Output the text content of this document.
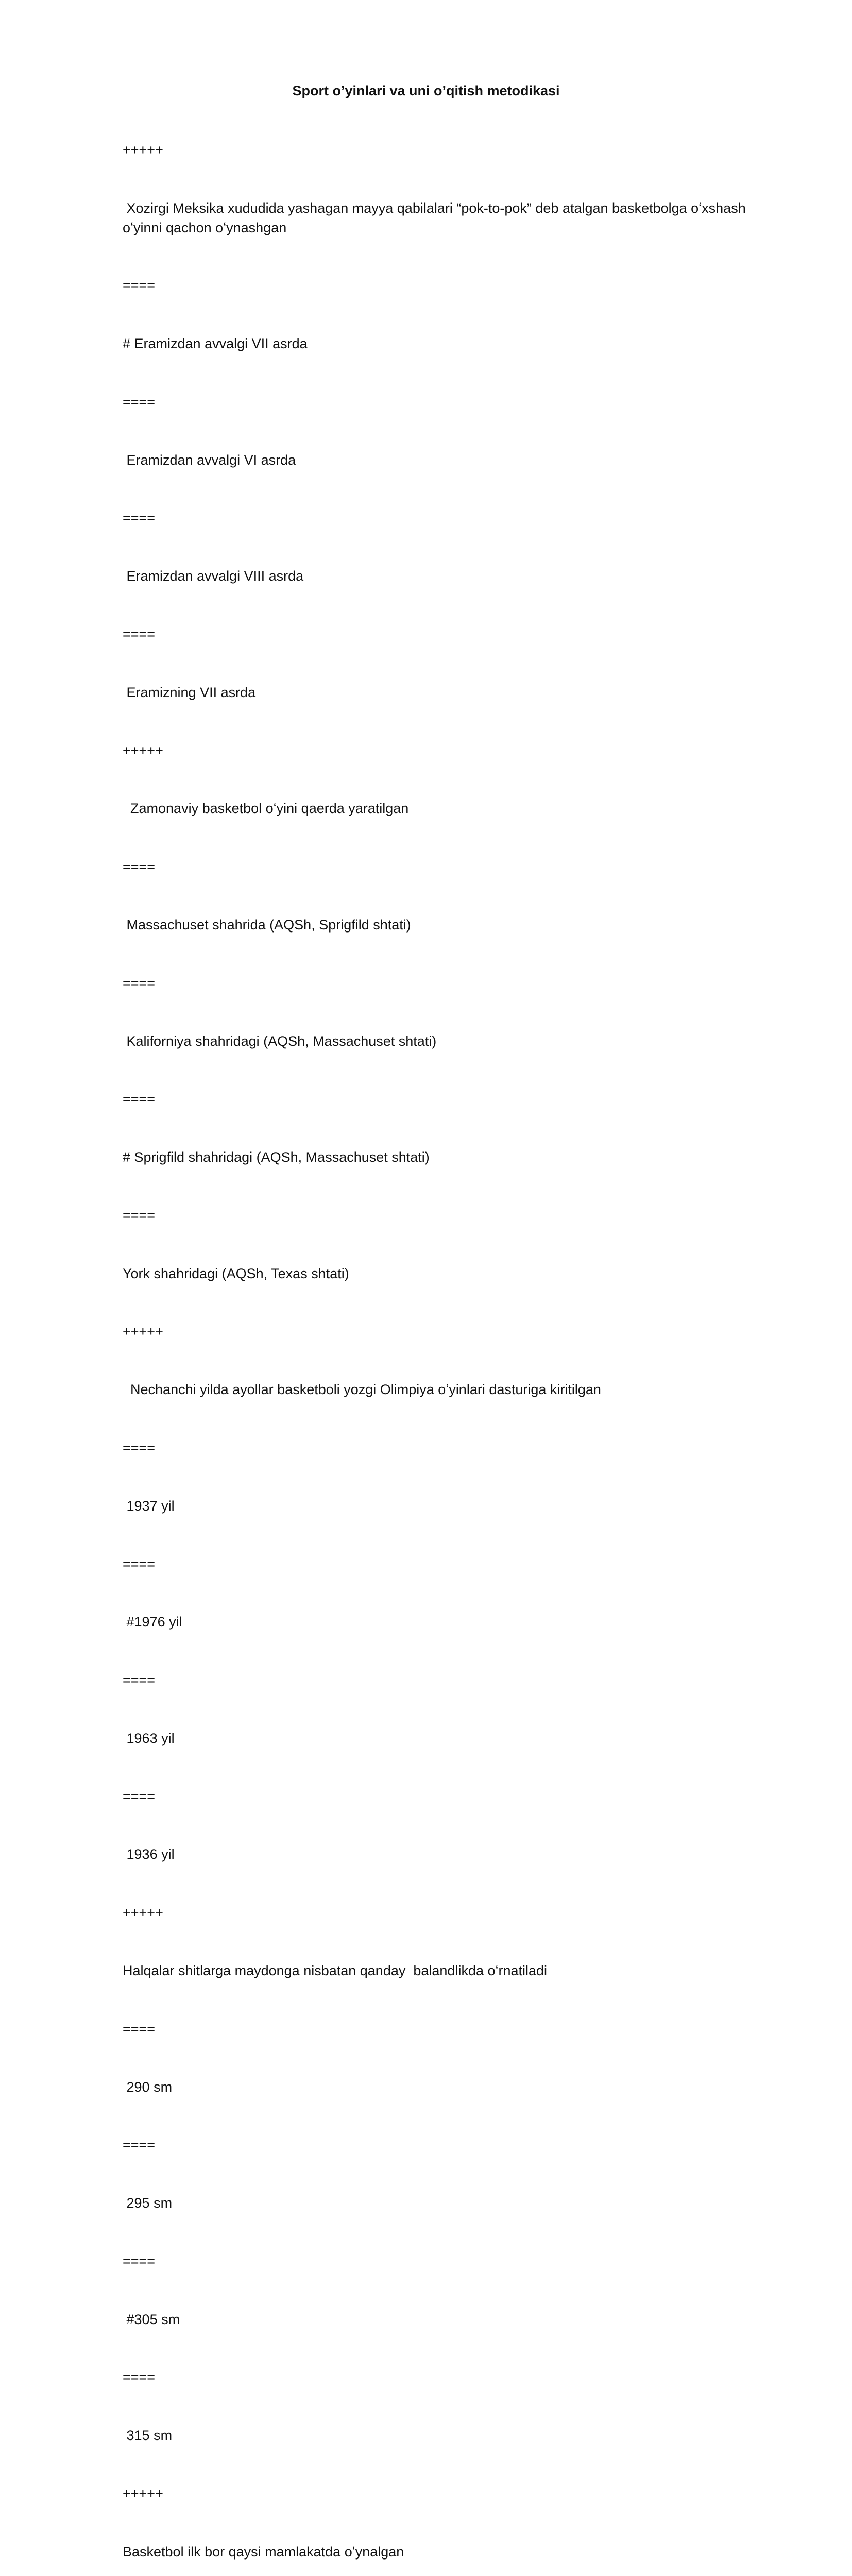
Sport o’yinlari va uni o’qitish metodikasi

+++++

Xozirgi Meksika xududida yashagan mayya qabilalari “pok-to-pok” deb atalgan basketbolga oʻxshash oʻyinni qachon oʻynashgan

====

# Eramizdan avvalgi VII asrda

====

Eramizdan avvalgi VI asrda

====

Eramizdan avvalgi VIII asrda

====

Eramizning VII asrda

+++++

Zamonaviy basketbol oʻyini qaerda yaratilgan

====

Massachuset shahrida (AQSh, Sprigfild shtati)

====

Kaliforniya shahridagi (AQSh, Massachuset shtati)

====

# Sprigfild shahridagi (AQSh, Massachuset shtati)

====

York shahridagi (AQSh, Texas shtati)

+++++

Nechanchi yilda ayollar basketboli yozgi Olimpiya oʻyinlari dasturiga kiritilgan

====

1937 yil

====

#1976 yil

====

1963 yil

====

1936 yil

+++++

Halqalar shitlarga maydonga nisbatan qanday  balandlikda oʻrnatiladi

====

290 sm

====

295 sm

====

#305 sm

====

315 sm

+++++

Basketbol ilk bor qaysi mamlakatda oʻynalgan
